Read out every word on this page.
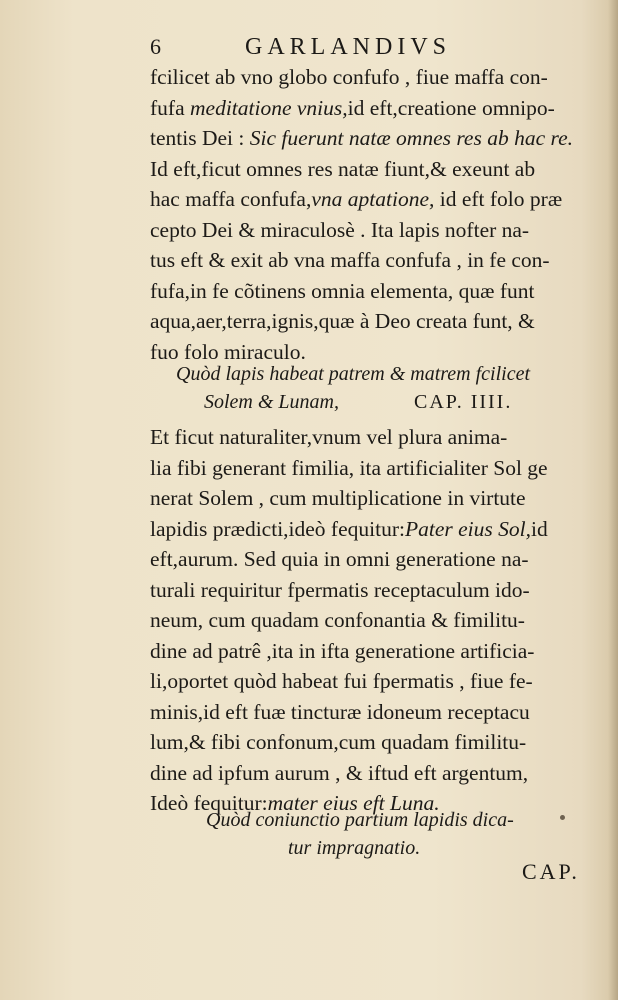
6	GARLANDIVS
fcilicet ab vno globo confufo , fiue maffa con-
fufa meditatione vnius,id eft,creatione omnipo-
tentis Dei : Sic fuerunt natæ omnes res ab hac re.
Id eft,ficut omnes res natæ fiunt,& exeunt ab
hac maffa confufa,vna aptatione, id eft folo præ
cepto Dei & miraculosè . Ita lapis nofter na-
tus eft & exit ab vna maffa confufa , in fe con-
fufa,in fe cõtinens omnia elementa, quæ funt
aqua,aer,terra,ignis,quæ à Deo creata funt, &
fuo folo miraculo.
Quòd lapis habeat patrem & matrem fcilicet
Solem & Lunam,	CAP. IIII.
Et ficut naturaliter,vnum vel plura anima-
lia fibi generant fimilia, ita artificialiter Sol ge
nerat Solem , cum multiplicatione in virtute
lapidis prædicti,ideò fequitur:Pater eius Sol,id
eft,aurum. Sed quia in omni generatione na-
turali requiritur fpermatis receptaculum ido-
neum, cum quadam confonantia & fimilitu-
dine ad patrê ,ita in ifta generatione artificia-
li,oportet quòd habeat fui fpermatis , fiue fe-
minis,id eft fuæ tincturæ idoneum receptacu
lum,& fibi confonum,cum quadam fimilitu-
dine ad ipfum aurum , & iftud eft argentum,
Ideò fequitur:mater eius eft Luna.
Quòd coniunctio partium lapidis dica-
tur impragnatio.
CAP.
